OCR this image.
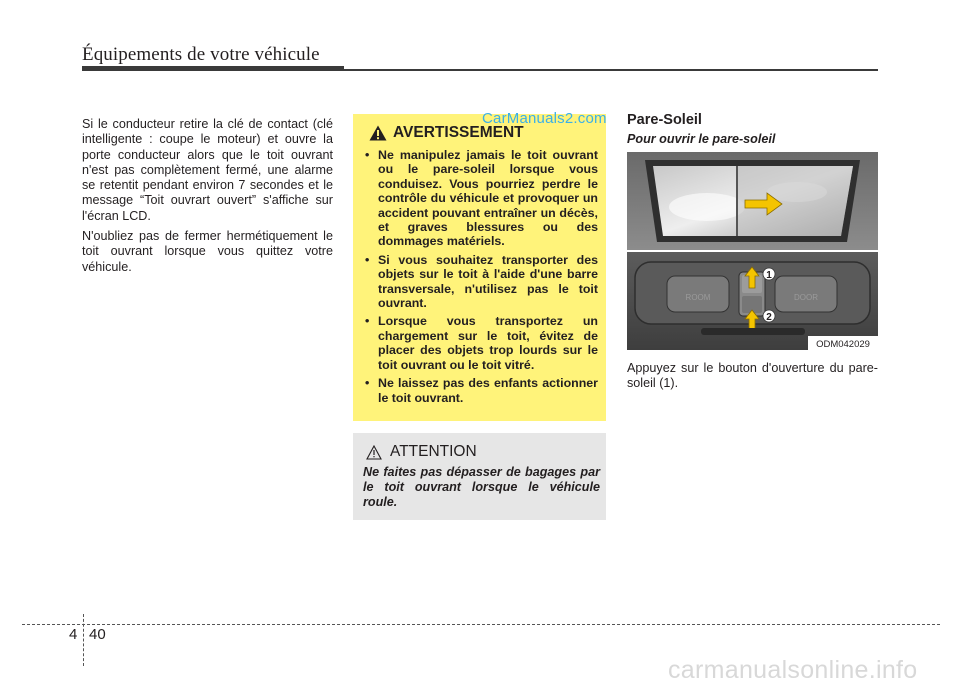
Équipements de votre véhicule

Si le conducteur retire la clé de contact (clé intelligente : coupe le moteur) et ouvre la porte conducteur alors que le toit ouvrant n'est pas complètement fermé, une alarme se retentit pendant environ 7 secondes et le message “Toit ouvrart ouvert” s'affiche sur l'écran LCD.

N'oubliez pas de fermer hermétiquement le toit ouvrant lorsque vous quittez votre véhicule.

AVERTISSEMENT
• Ne manipulez jamais le toit ouvrant ou le pare-soleil lorsque vous conduisez. Vous pourriez perdre le contrôle du véhicule et provoquer un accident pouvant entraîner un décès, et graves blessures ou des dommages matériels.
• Si vous souhaitez transporter des objets sur le toit à l'aide d'une barre transversale, n'utilisez pas le toit ouvrant.
• Lorsque vous transportez un chargement sur le toit, évitez de placer des objets trop lourds sur le toit ouvrant ou le toit vitré.
• Ne laissez pas des enfants actionner le toit ouvrant.
CarManuals2.com
ATTENTION
Ne faites pas dépasser de bagages par le toit ouvrant lorsque le véhicule roule.
Pare-Soleil
Pour ouvrir le pare-soleil
ROOM	DOOR
1
2
ODM042029
Appuyez sur le bouton d'ouverture du pare-soleil (1).
4 40
carmanualsonline.info
